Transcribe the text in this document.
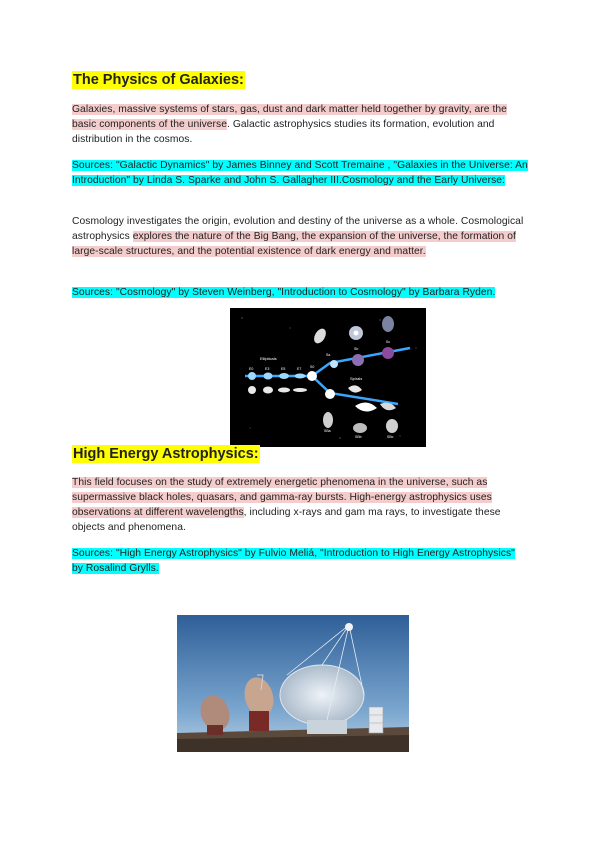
The Physics of Galaxies:

Galaxies, massive systems of stars, gas, dust and dark matter held together by gravity, are the basic components of the universe. Galactic astrophysics studies its formation, evolution and distribution in the cosmos.

Sources: "Galactic Dynamics" by James Binney and Scott Tremaine , "Galaxies in the Universe: An Introduction" by Linda S. Sparke and John S. Gallagher III.Cosmology and the Early Universe:

Cosmology investigates the origin, evolution and destiny of the universe as a whole. Cosmological astrophysics explores the nature of the Big Bang, the expansion of the universe, the formation of large-scale structures, and the potential existence of dark energy and matter.

Sources: "Cosmology" by Steven Weinberg, "Introduction to Cosmology" by Barbara Ryden.

Ellipticals
Spirals
E0	E3	E5	E7 S0
Sa
Sb
Sc
SBa
SBb	SBc
High Energy Astrophysics:

This field focuses on the study of extremely energetic phenomena in the universe, such as supermassive black holes, quasars, and gamma-ray bursts. High-energy astrophysics uses observations at different wavelengths, including x-rays and gam ma rays, to investigate these objects and phenomena.

Sources: "High Energy Astrophysics" by Fulvio Meliá, "Introduction to High Energy Astrophysics" by Rosalind Grylls.
